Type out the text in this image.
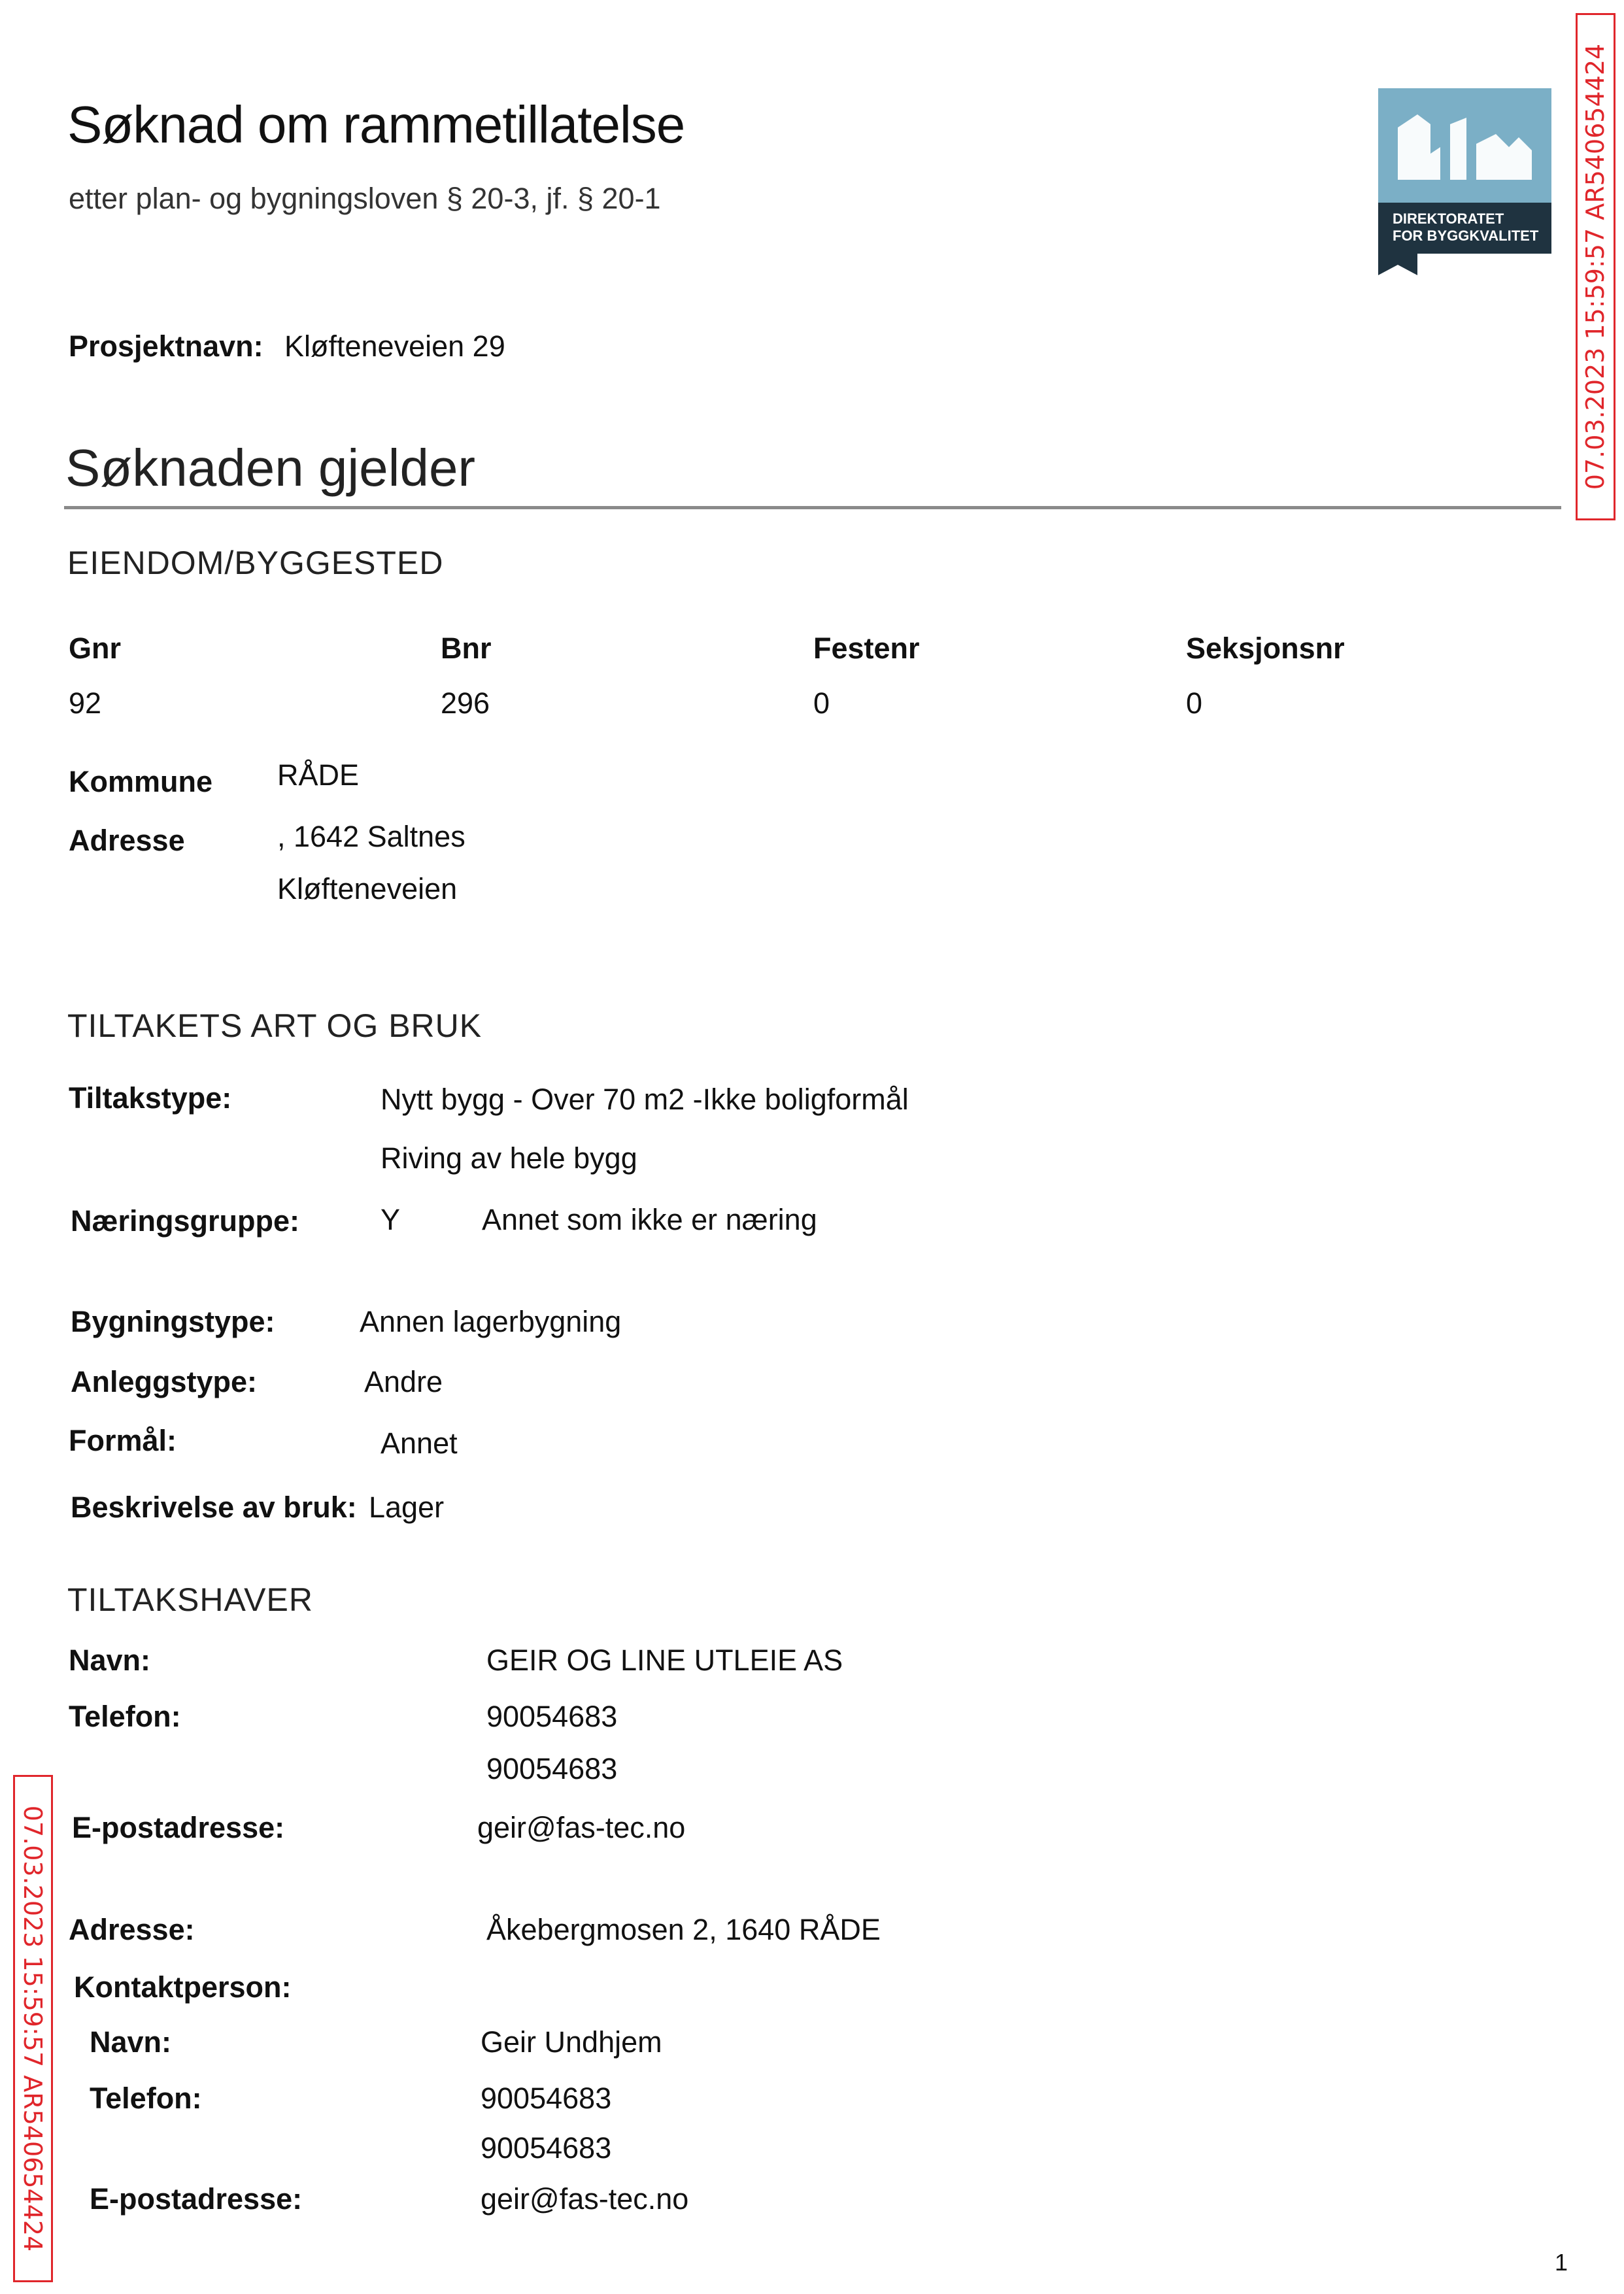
Søknad om rammetillatelse
etter plan- og bygningsloven § 20-3, jf. § 20-1
DIREKTORATET
FOR BYGGKVALITET 07.03.2023 15:59:57 AR540654424
Prosjektnavn: Kløfteneveien 29
Søknaden gjelder
EIENDOM/BYGGESTED
Gnr	Bnr	Festenr	Seksjonsnr
92	296	0	0
Kommune RÅDE
Adresse	, 1642 Saltnes
Kløfteneveien
TILTAKETS ART OG BRUK
Tiltakstype:	Nytt bygg - Over 70 m2 -Ikke boligformål
Riving av hele bygg
Næringsgruppe:	Y	Annet som ikke er næring
Bygningstype:	Annen lagerbygning
Anleggstype:	Andre
Formål:	Annet
Beskrivelse av bruk: Lager
TILTAKSHAVER
Navn:	GEIR OG LINE UTLEIE AS
Telefon:	90054683
90054683
E-postadresse:	geir@fas-tec.no
Adresse:	Åkebergmosen 2, 1640 RÅDE
Kontaktperson:
Navn:	Geir Undhjem
Telefon:	90054683
90054683
E-postadresse:	geir@fas-tec.no
07.03.2023 15:59:57 AR540654424
1
